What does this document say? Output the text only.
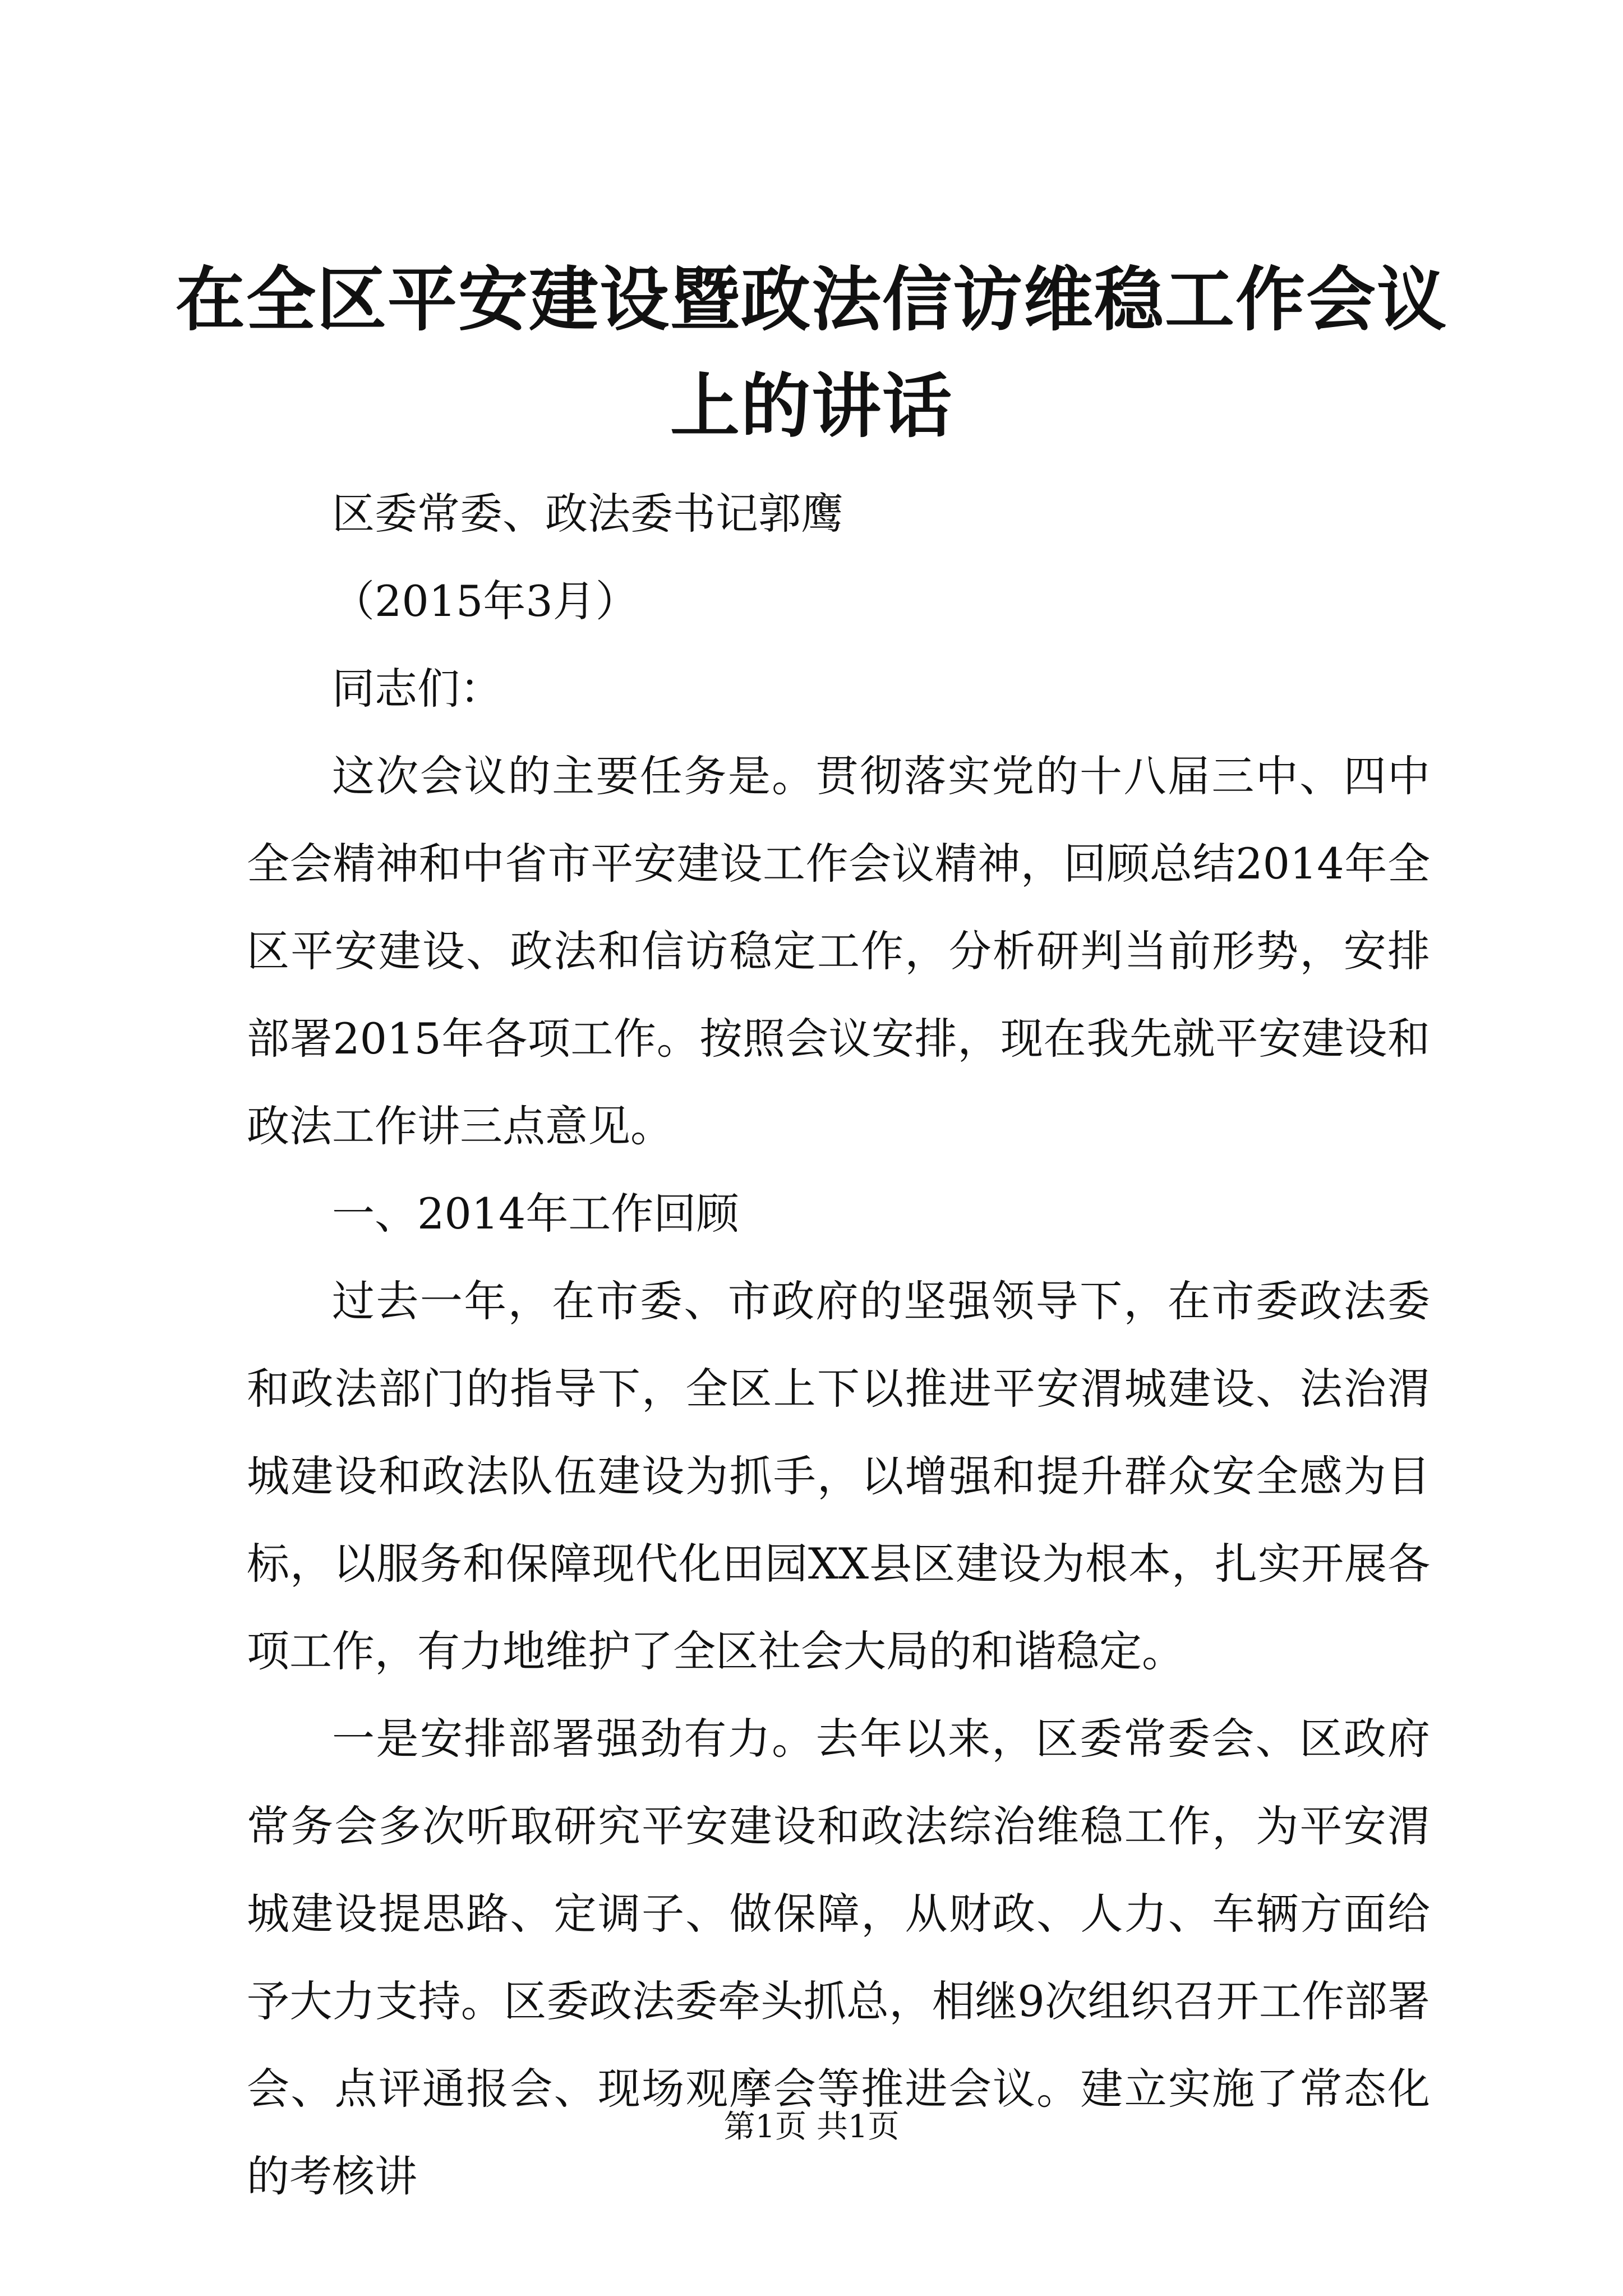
在全区平安建设暨政法信访维稳工作会议上的讲话

区委常委、政法委书记郭鹰

（2015年3月）

同志们：

这次会议的主要任务是。贯彻落实党的十八届三中、四中全会精神和中省市平安建设工作会议精神，回顾总结2014年全区平安建设、政法和信访稳定工作，分析研判当前形势，安排部署2015年各项工作。按照会议安排，现在我先就平安建设和政法工作讲三点意见。

一、2014年工作回顾

过去一年，在市委、市政府的坚强领导下，在市委政法委和政法部门的指导下，全区上下以推进平安渭城建设、法治渭城建设和政法队伍建设为抓手，以增强和提升群众安全感为目标，以服务和保障现代化田园XX县区建设为根本，扎实开展各项工作，有力地维护了全区社会大局的和谐稳定。

一是安排部署强劲有力。去年以来，区委常委会、区政府常务会多次听取研究平安建设和政法综治维稳工作，为平安渭城建设提思路、定调子、做保障，从财政、人力、车辆方面给予大力支持。区委政法委牵头抓总，相继9次组织召开工作部署会、点评通报会、现场观摩会等推进会议。建立实施了常态化的考核讲

第1页 共1页
